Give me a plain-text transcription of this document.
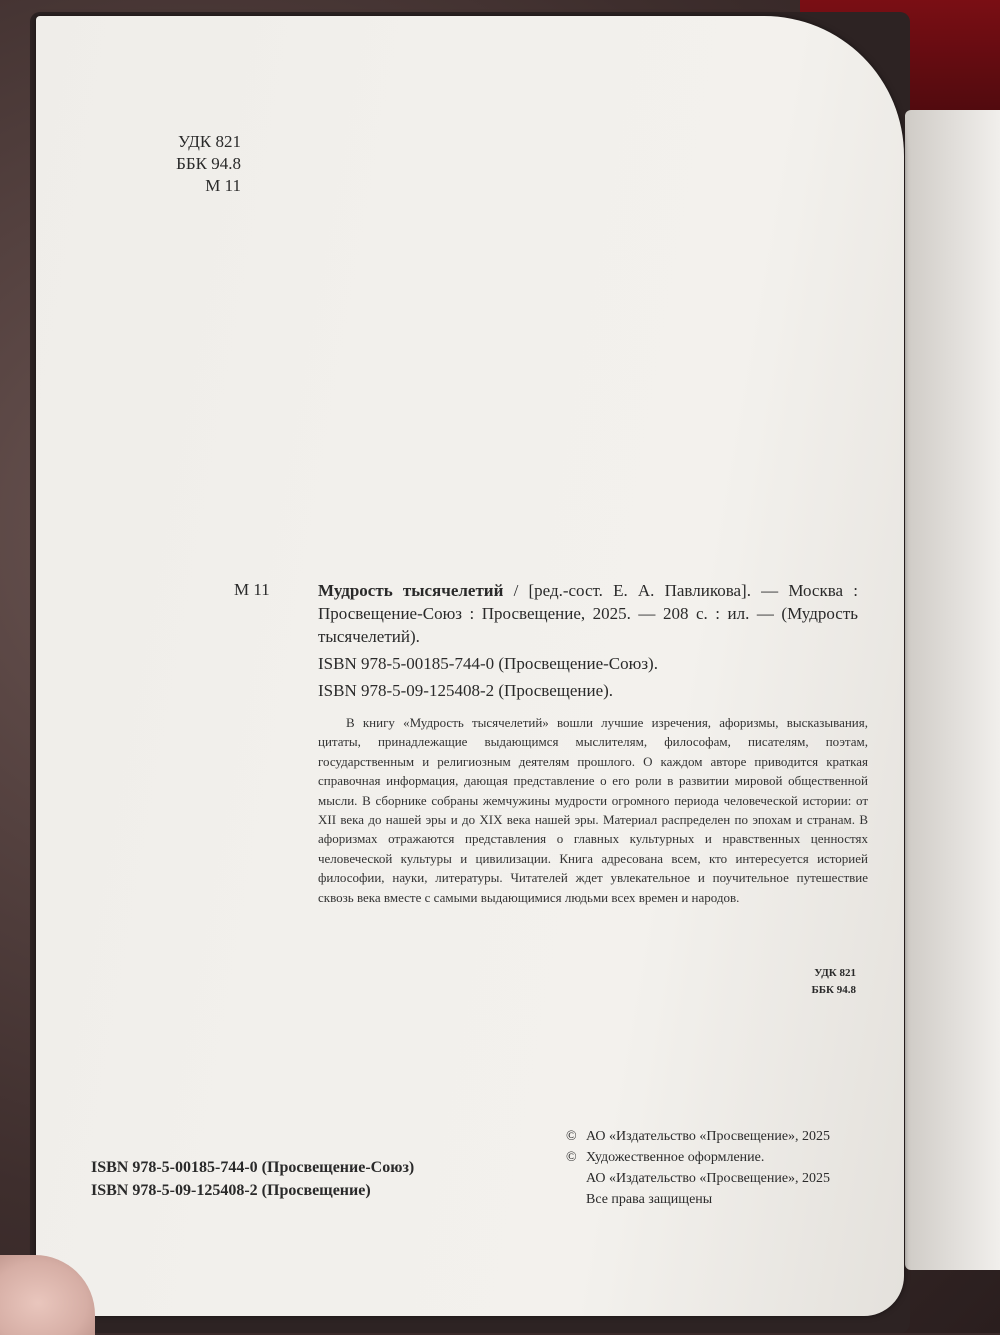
УДК 821
ББК 94.8
М 11
М 11	Мудрость тысячелетий / [ред.-сост. Е. А. Павликова]. — Москва : Просвещение-Союз : Просвещение, 2025. — 208 с. : ил. — (Мудрость тысячелетий).
ISBN 978-5-00185-744-0 (Просвещение-Союз).
ISBN 978-5-09-125408-2 (Просвещение).
В книгу «Мудрость тысячелетий» вошли лучшие изречения, афоризмы, высказывания, цитаты, принадлежащие выдающимся мыслителям, философам, писателям, поэтам, государственным и религиозным деятелям прошлого. О каждом авторе приводится краткая справочная информация, дающая представление о его роли в развитии мировой общественной мысли. В сборнике собраны жемчужины мудрости огромного периода человеческой истории: от XII века до нашей эры и до XIX века нашей эры. Материал распределен по эпохам и странам. В афоризмах отражаются представления о главных культурных и нравственных ценностях человеческой культуры и цивилизации. Книга адресована всем, кто интересуется историей философии, науки, литературы. Читателей ждет увлекательное и поучительное путешествие сквозь века вместе с самыми выдающимися людьми всех времен и народов.
УДК 821
ББК 94.8
ISBN 978-5-00185-744-0 (Просвещение-Союз)
ISBN 978-5-09-125408-2 (Просвещение)
© АО «Издательство «Просвещение», 2025
© Художественное оформление.
АО «Издательство «Просвещение», 2025
Все права защищены
